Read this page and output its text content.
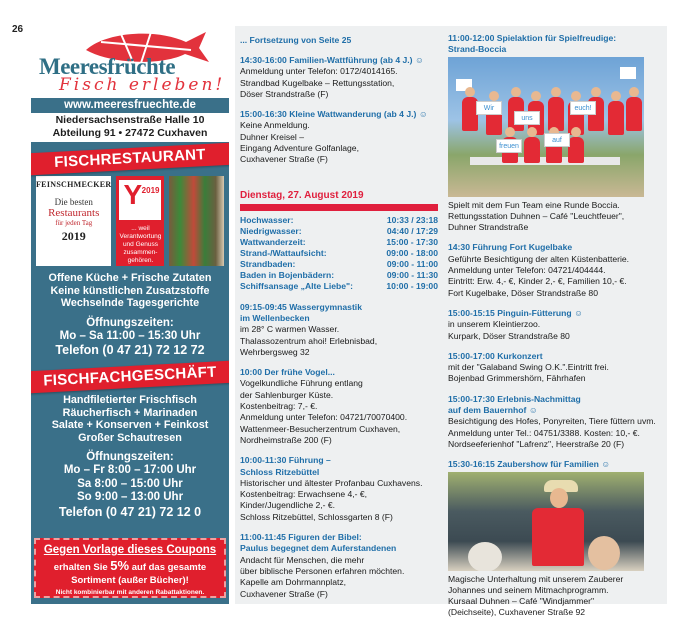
26
Meeresfrüchte
Fisch erleben!
www.meeresfruechte.de
Niedersachsenstraße Halle 10
Abteilung 91 • 27472 Cuxhaven
FISCHRESTAURANT
FEINSCHMECKER
Die besten
Restaurants
für jeden Tag
2019
Y 2019
... weil Verantwortung und Genuss zusammen-gehören.
Offene Küche + Frische Zutaten
Keine künstlichen Zusatzstoffe
Wechselnde Tagesgerichte
Öffnungszeiten:
Mo – Sa 11:00 – 15:30 Uhr
Telefon (0 47 21) 72 12 72
FISCHFACHGESCHÄFT
Handfiletierter Frischfisch
Räucherfisch + Marinaden
Salate + Konserven + Feinkost
Großer Schautresen
Öffnungszeiten:
Mo – Fr 8:00 – 17:00 Uhr
Sa 8:00 – 15:00 Uhr
So 9:00 – 13:00 Uhr
Telefon (0 47 21) 72 12 0
Gegen Vorlage dieses Coupons
erhalten Sie 5% auf das gesamte
Sortiment (außer Bücher)!
Nicht kombinierbar mit anderen Rabattaktionen.
... Fortsetzung von Seite 25
14:30-16:00 Familien-Wattführung (ab 4 J.) ☺
Anmeldung unter Telefon: 0172/4014165.
Strandbad Kugelbake – Rettungsstation,
Döser Strandstraße (F)
15:00-16:30 Kleine Wattwanderung (ab 4 J.) ☺
Keine Anmeldung.
Duhner Kreisel –
Eingang Adventure Golfanlage,
Cuxhavener Straße (F)
Dienstag, 27. August 2019
Hochwasser:	10:33 / 23:18
Niedrigwasser:	04:40 / 17:29
Wattwanderzeit:	15:00 - 17:30
Strand-/Wattaufsicht:	09:00 - 18:00
Strandbaden:	09:00 - 11:00
Baden in Bojenbädern:	09:00 - 11:30
Schiffsansage „Alte Liebe":	10:00 - 19:00
09:15-09:45 Wassergymnastik
im Wellenbecken
im 28° C warmen Wasser.
Thalassozentrum ahoi! Erlebnisbad,
Wehrbergsweg 32
10:00 Der frühe Vogel...
Vogelkundliche Führung entlang
der Sahlenburger Küste.
Kostenbeitrag: 7,- €.
Anmeldung unter Telefon: 04721/70070400.
Wattenmeer-Besucherzentrum Cuxhaven,
Nordheimstraße 200 (F)
10:00-11:30 Führung –
Schloss Ritzebüttel
Historischer und ältester Profanbau Cuxhavens.
Kostenbeitrag: Erwachsene 4,- €,
Kinder/Jugendliche 2,- €.
Schloss Ritzebüttel, Schlossgarten 8 (F)
11:00-11:45 Figuren der Bibel:
Paulus begegnet dem Auferstandenen
Andacht für Menschen, die mehr
über biblische Personen erfahren möchten.
Kapelle am Dohrmannplatz,
Cuxhavener Straße (F)
11:00-12:00 Spielaktion für Spielfreudige:
Strand-Boccia
Wir
uns
euch!
freuen
auf
Spielt mit dem Fun Team eine Runde Boccia.
Rettungsstation Duhnen – Café "Leuchtfeuer",
Duhner Strandstraße
14:30 Führung Fort Kugelbake
Geführte Besichtigung der alten Küstenbatterie.
Anmeldung unter Telefon: 04721/404444.
Eintritt: Erw. 4,- €, Kinder 2,- €, Familien 10,- €.
Fort Kugelbake, Döser Strandstraße 80
15:00-15:15 Pinguin-Fütterung ☺
in unserem Kleintierzoo.
Kurpark, Döser Strandstraße 80
15:00-17:00 Kurkonzert
mit der "Galaband Swing O.K.".Eintritt frei.
Bojenbad Grimmershörn, Fährhafen
15:00-17:30 Erlebnis-Nachmittag
auf dem Bauernhof ☺
Besichtigung des Hofes, Ponyreiten, Tiere füttern uvm.
Anmeldung unter Tel.: 04751/3388. Kosten: 10,- €.
Nordseeferienhof "Lafrenz", Heerstraße 20 (F)
15:30-16:15 Zaubershow für Familien ☺
Magische Unterhaltung mit unserem Zauberer
Johannes und seinem Mitmachprogramm.
Kursaal Duhnen – Café "Windjammer"
(Deichseite), Cuxhavener Straße 92
